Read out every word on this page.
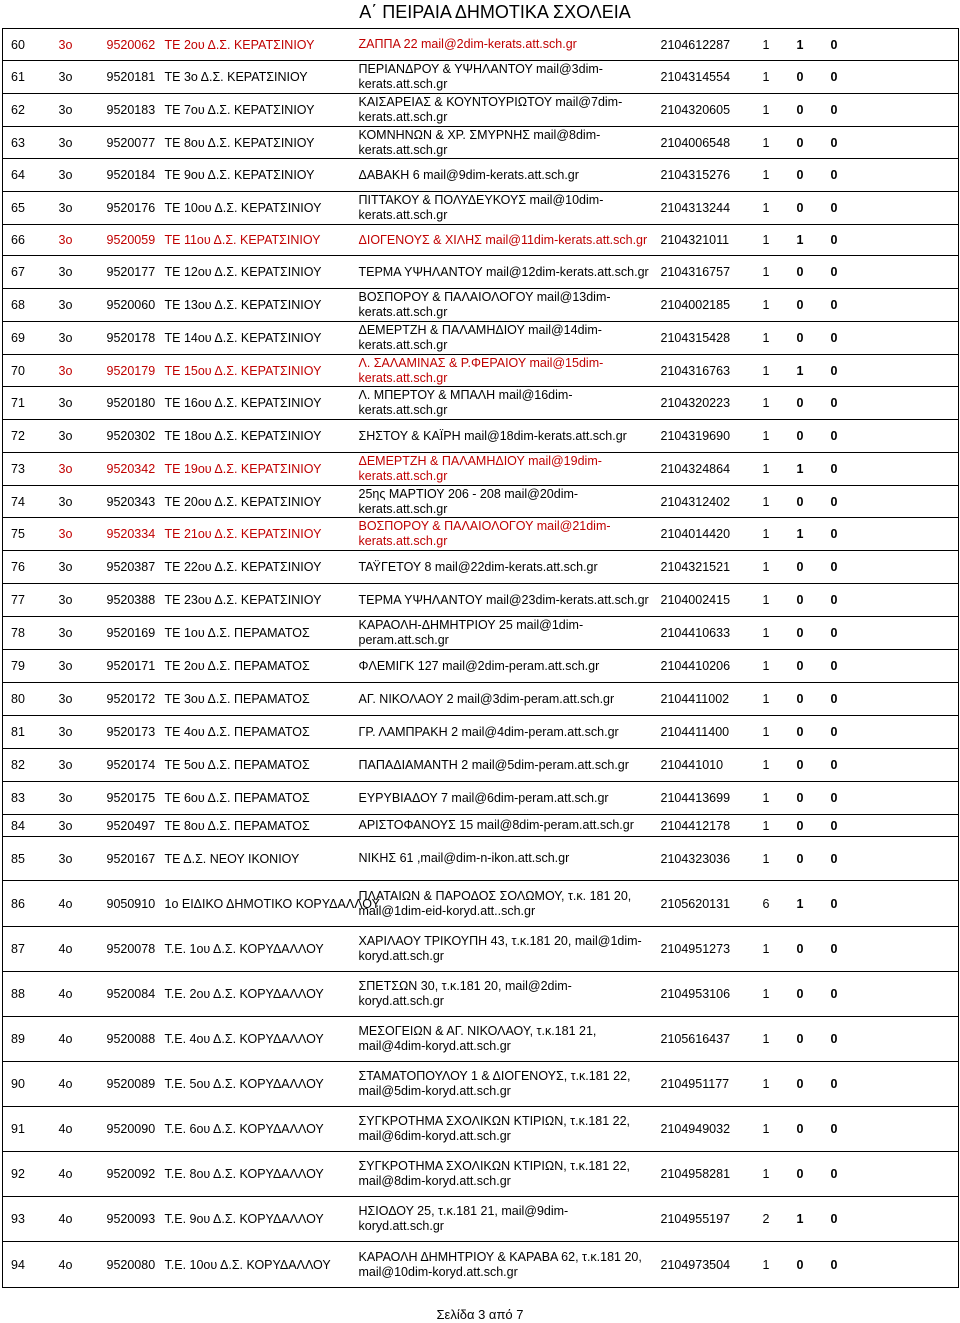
Α΄ ΠΕΙΡΑΙΑ ΔΗΜΟΤΙΚΑ ΣΧΟΛΕΙΑ
60	3ο	9520062	ΤΕ 2ου Δ.Σ. ΚΕΡΑΤΣΙΝΙΟΥ	ΖΑΠΠΑ 22 mail@2dim-kerats.att.sch.gr	2104612287	1	1	0
61	3ο	9520181	ΤΕ 3ο Δ.Σ. ΚΕΡΑΤΣΙΝΙΟΥ	ΠΕΡΙΑΝΔΡΟΥ & ΥΨΗΛΑΝΤΟΥ mail@3dim-kerats.att.sch.gr	2104314554	1	0	0
62	3ο	9520183	ΤΕ 7ου Δ.Σ. ΚΕΡΑΤΣΙΝΙΟΥ	ΚΑΙΣΑΡΕΙΑΣ & ΚΟΥΝΤΟΥΡΙΩΤΟΥ mail@7dim-kerats.att.sch.gr	2104320605	1	0	0
63	3ο	9520077	ΤΕ 8ου Δ.Σ. ΚΕΡΑΤΣΙΝΙΟΥ	ΚΟΜΝΗΝΩΝ & ΧΡ. ΣΜΥΡΝΗΣ mail@8dim-kerats.att.sch.gr	2104006548	1	0	0
64	3ο	9520184	ΤΕ 9ου Δ.Σ. ΚΕΡΑΤΣΙΝΙΟΥ	ΔΑΒΑΚΗ 6 mail@9dim-kerats.att.sch.gr	2104315276	1	0	0
65	3ο	9520176	ΤΕ 10ου Δ.Σ. ΚΕΡΑΤΣΙΝΙΟΥ	ΠΙΤΤΑΚΟΥ & ΠΟΛΥΔΕΥΚΟΥΣ mail@10dim-kerats.att.sch.gr	2104313244	1	0	0
66	3ο	9520059	ΤΕ 11ου Δ.Σ. ΚΕΡΑΤΣΙΝΙΟΥ	ΔΙΟΓΕΝΟΥΣ & ΧΙΛΗΣ mail@11dim-kerats.att.sch.gr	2104321011	1	1	0
67	3ο	9520177	ΤΕ 12ου Δ.Σ. ΚΕΡΑΤΣΙΝΙΟΥ	ΤΕΡΜΑ ΥΨΗΛΑΝΤΟΥ mail@12dim-kerats.att.sch.gr	2104316757	1	0	0
68	3ο	9520060	ΤΕ 13ου Δ.Σ. ΚΕΡΑΤΣΙΝΙΟΥ	ΒΟΣΠΟΡΟΥ & ΠΑΛΑΙΟΛΟΓΟΥ mail@13dim-kerats.att.sch.gr	2104002185	1	0	0
69	3ο	9520178	ΤΕ 14ου Δ.Σ. ΚΕΡΑΤΣΙΝΙΟΥ	ΔΕΜΕΡΤΖΗ & ΠΑΛΑΜΗΔΙΟΥ mail@14dim-kerats.att.sch.gr	2104315428	1	0	0
70	3ο	9520179	ΤΕ 15ου Δ.Σ. ΚΕΡΑΤΣΙΝΙΟΥ	Λ. ΣΑΛΑΜΙΝΑΣ & Ρ.ΦΕΡΑΙΟΥ mail@15dim-kerats.att.sch.gr	2104316763	1	1	0
71	3ο	9520180	ΤΕ 16ου Δ.Σ. ΚΕΡΑΤΣΙΝΙΟΥ	Λ. ΜΠΕΡΤΟΥ & ΜΠΑΛΗ mail@16dim-kerats.att.sch.gr	2104320223	1	0	0
72	3ο	9520302	ΤΕ 18ου Δ.Σ. ΚΕΡΑΤΣΙΝΙΟΥ	ΣΗΣΤΟΥ & ΚΑΪΡΗ mail@18dim-kerats.att.sch.gr	2104319690	1	0	0
73	3ο	9520342	ΤΕ 19ου Δ.Σ. ΚΕΡΑΤΣΙΝΙΟΥ	ΔΕΜΕΡΤΖΗ & ΠΑΛΑΜΗΔΙΟΥ mail@19dim-kerats.att.sch.gr	2104324864	1	1	0
74	3ο	9520343	ΤΕ 20ου Δ.Σ. ΚΕΡΑΤΣΙΝΙΟΥ	25ης ΜΑΡΤΙΟΥ 206 - 208 mail@20dim-kerats.att.sch.gr	2104312402	1	0	0
75	3ο	9520334	ΤΕ 21ου Δ.Σ. ΚΕΡΑΤΣΙΝΙΟΥ	ΒΟΣΠΟΡΟΥ & ΠΑΛΑΙΟΛΟΓΟΥ mail@21dim-kerats.att.sch.gr	2104014420	1	1	0
76	3ο	9520387	ΤΕ 22ου Δ.Σ. ΚΕΡΑΤΣΙΝΙΟΥ	ΤΑΫΓΕΤΟΥ 8 mail@22dim-kerats.att.sch.gr	2104321521	1	0	0
77	3ο	9520388	ΤΕ 23ου Δ.Σ. ΚΕΡΑΤΣΙΝΙΟΥ	ΤΕΡΜΑ ΥΨΗΛΑΝΤΟΥ mail@23dim-kerats.att.sch.gr	2104002415	1	0	0
78	3ο	9520169	ΤΕ 1ου Δ.Σ. ΠΕΡΑΜΑΤΟΣ	ΚΑΡΑΟΛΗ-ΔΗΜΗΤΡΙΟΥ 25 mail@1dim-peram.att.sch.gr	2104410633	1	0	0
79	3ο	9520171	ΤΕ 2ου Δ.Σ. ΠΕΡΑΜΑΤΟΣ	ΦΛΕΜΙΓΚ 127 mail@2dim-peram.att.sch.gr	2104410206	1	0	0
80	3ο	9520172	ΤΕ 3ου Δ.Σ. ΠΕΡΑΜΑΤΟΣ	ΑΓ. ΝΙΚΟΛΑΟΥ 2 mail@3dim-peram.att.sch.gr	2104411002	1	0	0
81	3ο	9520173	ΤΕ 4ου Δ.Σ. ΠΕΡΑΜΑΤΟΣ	ΓΡ. ΛΑΜΠΡΑΚΗ 2 mail@4dim-peram.att.sch.gr	2104411400	1	0	0
82	3ο	9520174	ΤΕ 5ου Δ.Σ. ΠΕΡΑΜΑΤΟΣ	ΠΑΠΑΔΙΑΜΑΝΤΗ 2 mail@5dim-peram.att.sch.gr	210441010	1	0	0
83	3ο	9520175	ΤΕ 6ου Δ.Σ. ΠΕΡΑΜΑΤΟΣ	ΕΥΡΥΒΙΑΔΟΥ 7 mail@6dim-peram.att.sch.gr	2104413699	1	0	0
84	3ο	9520497	ΤΕ 8ου Δ.Σ. ΠΕΡΑΜΑΤΟΣ	ΑΡΙΣΤΟΦΑΝΟΥΣ 15 mail@8dim-peram.att.sch.gr	2104412178	1	0	0
85	3ο	9520167	ΤΕ Δ.Σ. ΝΕΟΥ ΙΚΟΝΙΟΥ	ΝΙΚΗΣ 61 ,mail@dim-n-ikon.att.sch.gr	2104323036	1	0	0
86	4ο	9050910	1ο ΕΙΔΙΚΟ ΔΗΜΟΤΙΚΟ ΚΟΡΥΔΑΛΛΟΥ	ΠΛΑΤΑΙΩΝ & ΠΑΡΟΔΟΣ ΣΟΛΩΜΟΥ, τ.κ. 181 20, mail@1dim-eid-koryd.att..sch.gr	2105620131	6	1	0
87	4ο	9520078	Τ.Ε. 1ου Δ.Σ. ΚΟΡΥΔΑΛΛΟΥ	ΧΑΡΙΛΑΟΥ ΤΡΙΚΟΥΠΗ 43, τ.κ.181 20, mail@1dim-koryd.att.sch.gr	2104951273	1	0	0
88	4ο	9520084	Τ.Ε. 2ου Δ.Σ. ΚΟΡΥΔΑΛΛΟΥ	ΣΠΕΤΣΩΝ 30, τ.κ.181 20, mail@2dim-koryd.att.sch.gr	2104953106	1	0	0
89	4ο	9520088	Τ.Ε. 4ου Δ.Σ. ΚΟΡΥΔΑΛΛΟΥ	ΜΕΣΟΓΕΙΩΝ & ΑΓ. ΝΙΚΟΛΑΟΥ, τ.κ.181 21, mail@4dim-koryd.att.sch.gr	2105616437	1	0	0
90	4ο	9520089	Τ.Ε. 5ου Δ.Σ. ΚΟΡΥΔΑΛΛΟΥ	ΣΤΑΜΑΤΟΠΟΥΛΟΥ 1 & ΔΙΟΓΕΝΟΥΣ, τ.κ.181 22, mail@5dim-koryd.att.sch.gr	2104951177	1	0	0
91	4ο	9520090	Τ.Ε. 6ου Δ.Σ. ΚΟΡΥΔΑΛΛΟΥ	ΣΥΓΚΡΟΤΗΜΑ ΣΧΟΛΙΚΩΝ ΚΤΙΡΙΩΝ, τ.κ.181 22, mail@6dim-koryd.att.sch.gr	2104949032	1	0	0
92	4ο	9520092	Τ.Ε. 8ου Δ.Σ. ΚΟΡΥΔΑΛΛΟΥ	ΣΥΓΚΡΟΤΗΜΑ ΣΧΟΛΙΚΩΝ ΚΤΙΡΙΩΝ, τ.κ.181 22, mail@8dim-koryd.att.sch.gr	2104958281	1	0	0
93	4ο	9520093	Τ.Ε. 9ου Δ.Σ. ΚΟΡΥΔΑΛΛΟΥ	ΗΣΙΟΔΟΥ 25, τ.κ.181 21, mail@9dim-koryd.att.sch.gr	2104955197	2	1	0
94	4ο	9520080	Τ.Ε. 10ου Δ.Σ. ΚΟΡΥΔΑΛΛΟΥ	ΚΑΡΑΟΛΗ ΔΗΜΗΤΡΙΟΥ & ΚΑΡΑΒΑ 62, τ.κ.181 20, mail@10dim-koryd.att.sch.gr	2104973504	1	0	0
Σελίδα 3 από 7
